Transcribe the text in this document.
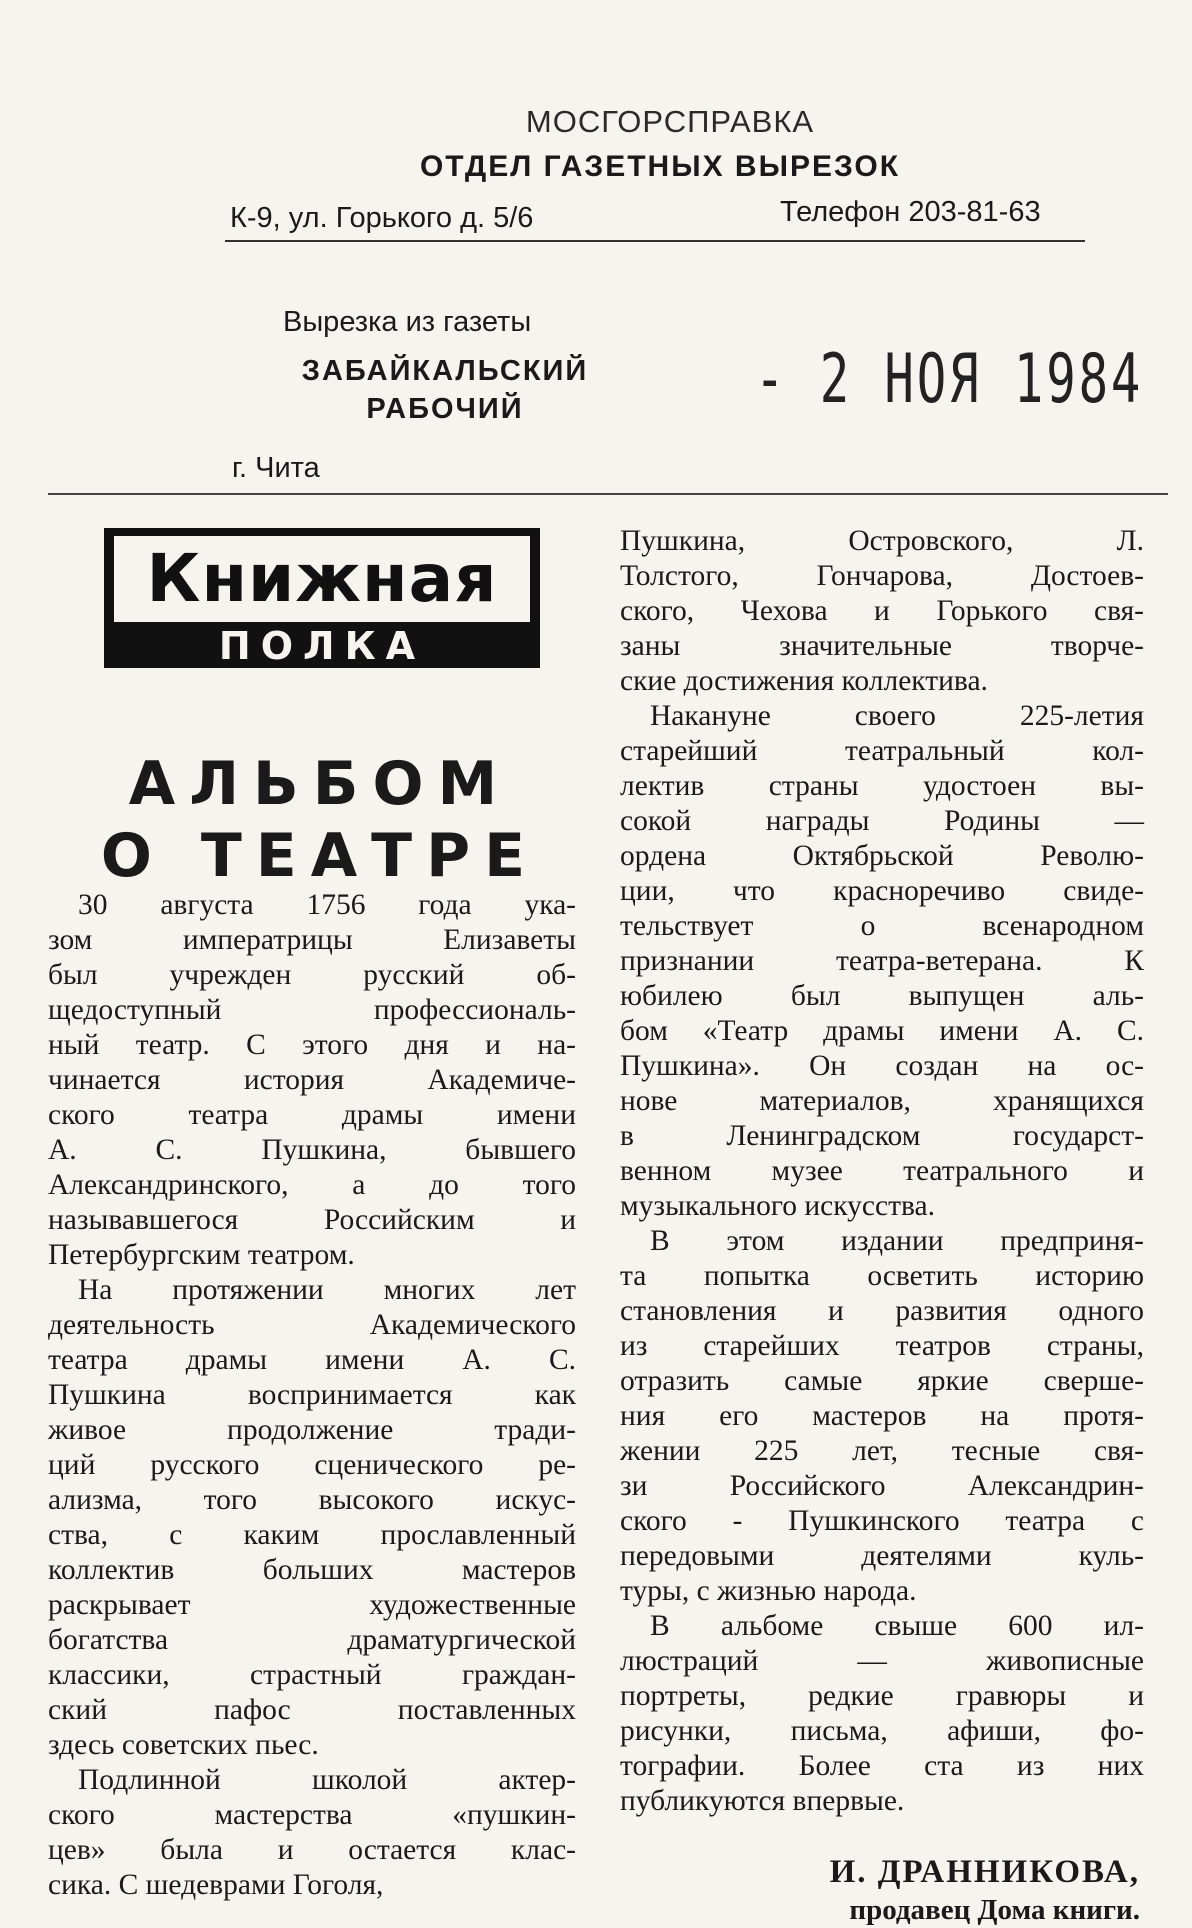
МОСГОРСПРАВКА
ОТДЕЛ ГАЗЕТНЫХ ВЫРЕЗОК
К-9, ул. Горького д. 5/6	Телефон 203-81-63
Вырезка из газеты
ЗАБАЙКАЛЬСКИЙ РАБОЧИЙ	- 2 НОЯ 1984
г. Чита
Книжная
ПОЛКА
АЛЬБОМ
О ТЕАТРЕ
30 августа 1756 года ука-
зом императрицы Елизаветы
был учрежден русский об-
щедоступный профессиональ-
ный театр. С этого дня и на-
чинается история Академиче-
ского театра драмы имени
А. С. Пушкина, бывшего
Александринского, а до того
называвшегося Российским и
Петербургским театром.
На протяжении многих лет
деятельность Академического
театра драмы имени А. С.
Пушкина воспринимается как
живое продолжение тради-
ций русского сценического ре-
ализма, того высокого искус-
ства, с каким прославленный
коллектив больших мастеров
раскрывает художественные
богатства драматургической
классики, страстный граждан-
ский пафос поставленных
здесь советских пьес.
Подлинной школой актер-
ского мастерства «пушкин-
цев» была и остается клас-
сика. С шедеврами Гоголя,
Пушкина, Островского, Л.
Толстого, Гончарова, Достоев-
ского, Чехова и Горького свя-
заны значительные творче-
ские достижения коллектива.
Накануне своего 225-летия
старейший театральный кол-
лектив страны удостоен вы-
сокой награды Родины —
ордена Октябрьской Револю-
ции, что красноречиво свиде-
тельствует о всенародном
признании театра-ветерана. К
юбилею был выпущен аль-
бом «Театр драмы имени А. С.
Пушкина». Он создан на ос-
нове материалов, хранящихся
в Ленинградском государст-
венном музее театрального и
музыкального искусства.
В этом издании предприня-
та попытка осветить историю
становления и развития одного
из старейших театров страны,
отразить самые яркие сверше-
ния его мастеров на протя-
жении 225 лет, тесные свя-
зи Российского Александрин-
ского - Пушкинского театра с
передовыми деятелями куль-
туры, с жизнью народа.
В альбоме свыше 600 ил-
люстраций — живописные
портреты, редкие гравюры и
рисунки, письма, афиши, фо-
тографии. Более ста из них
публикуются впервые.
И. ДРАННИКОВА,
продавец Дома книги.
